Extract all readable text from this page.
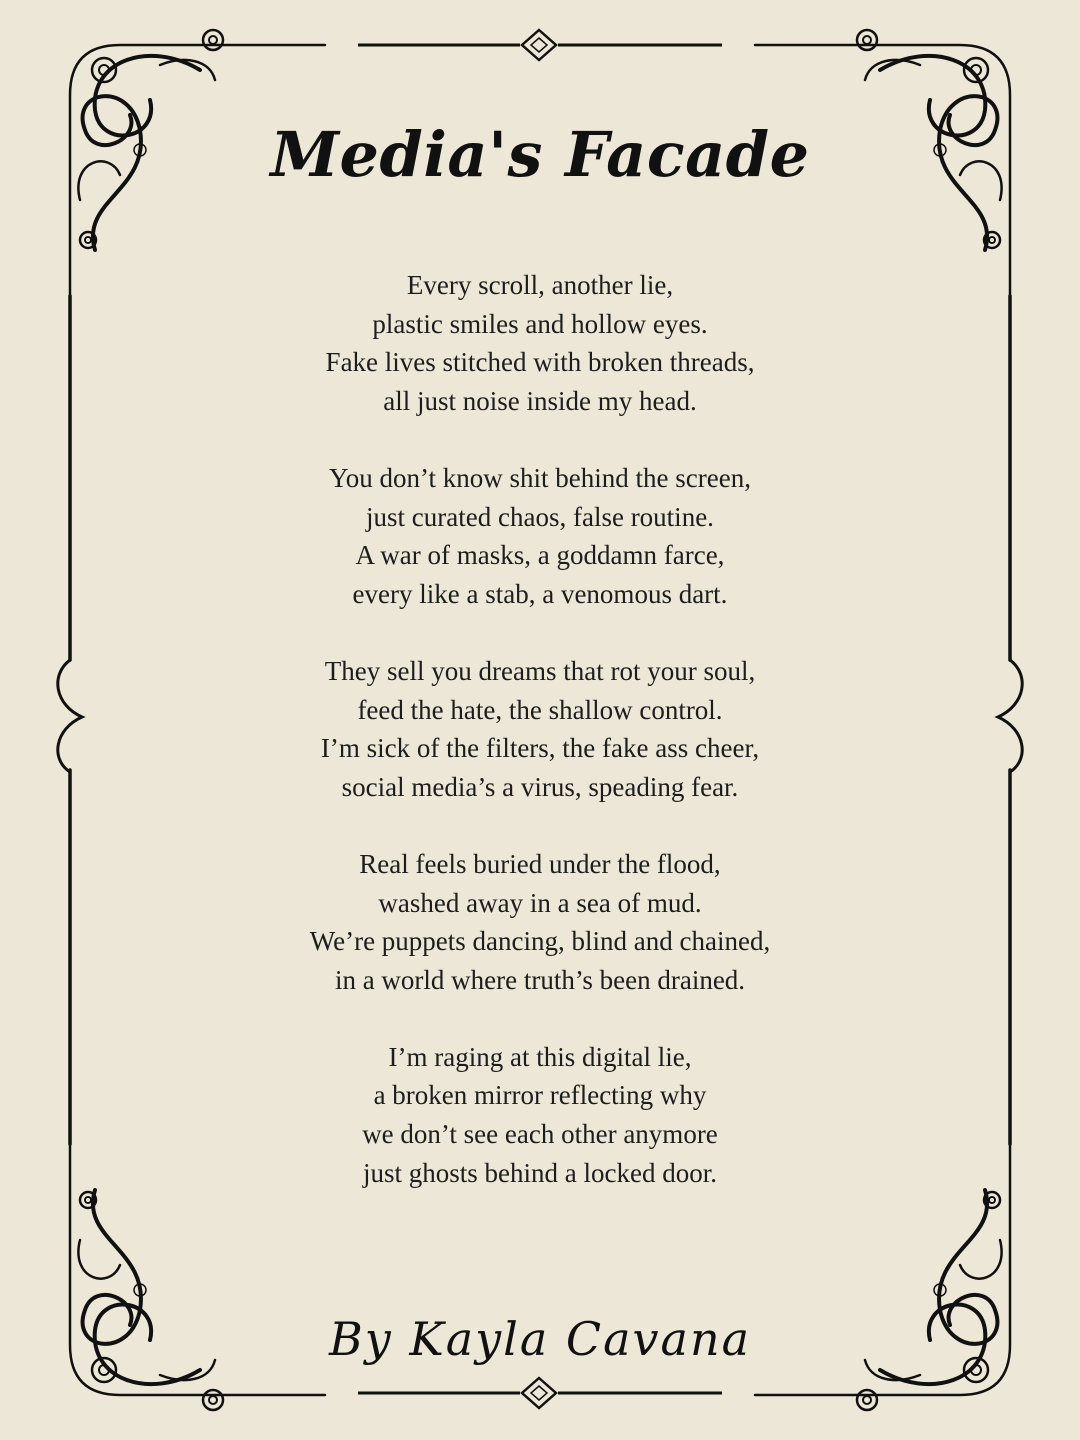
Media's Facade
Every scroll, another lie,
plastic smiles and hollow eyes.
Fake lives stitched with broken threads,
all just noise inside my head.
You don’t know shit behind the screen,
just curated chaos, false routine.
A war of masks, a goddamn farce,
every like a stab, a venomous dart.
They sell you dreams that rot your soul,
feed the hate, the shallow control.
I’m sick of the filters, the fake ass cheer,
social media’s a virus, speading fear.
Real feels buried under the flood,
washed away in a sea of mud.
We’re puppets dancing, blind and chained,
in a world where truth’s been drained.
I’m raging at this digital lie,
a broken mirror reflecting why
we don’t see each other anymore
just ghosts behind a locked door.
By Kayla Cavana
